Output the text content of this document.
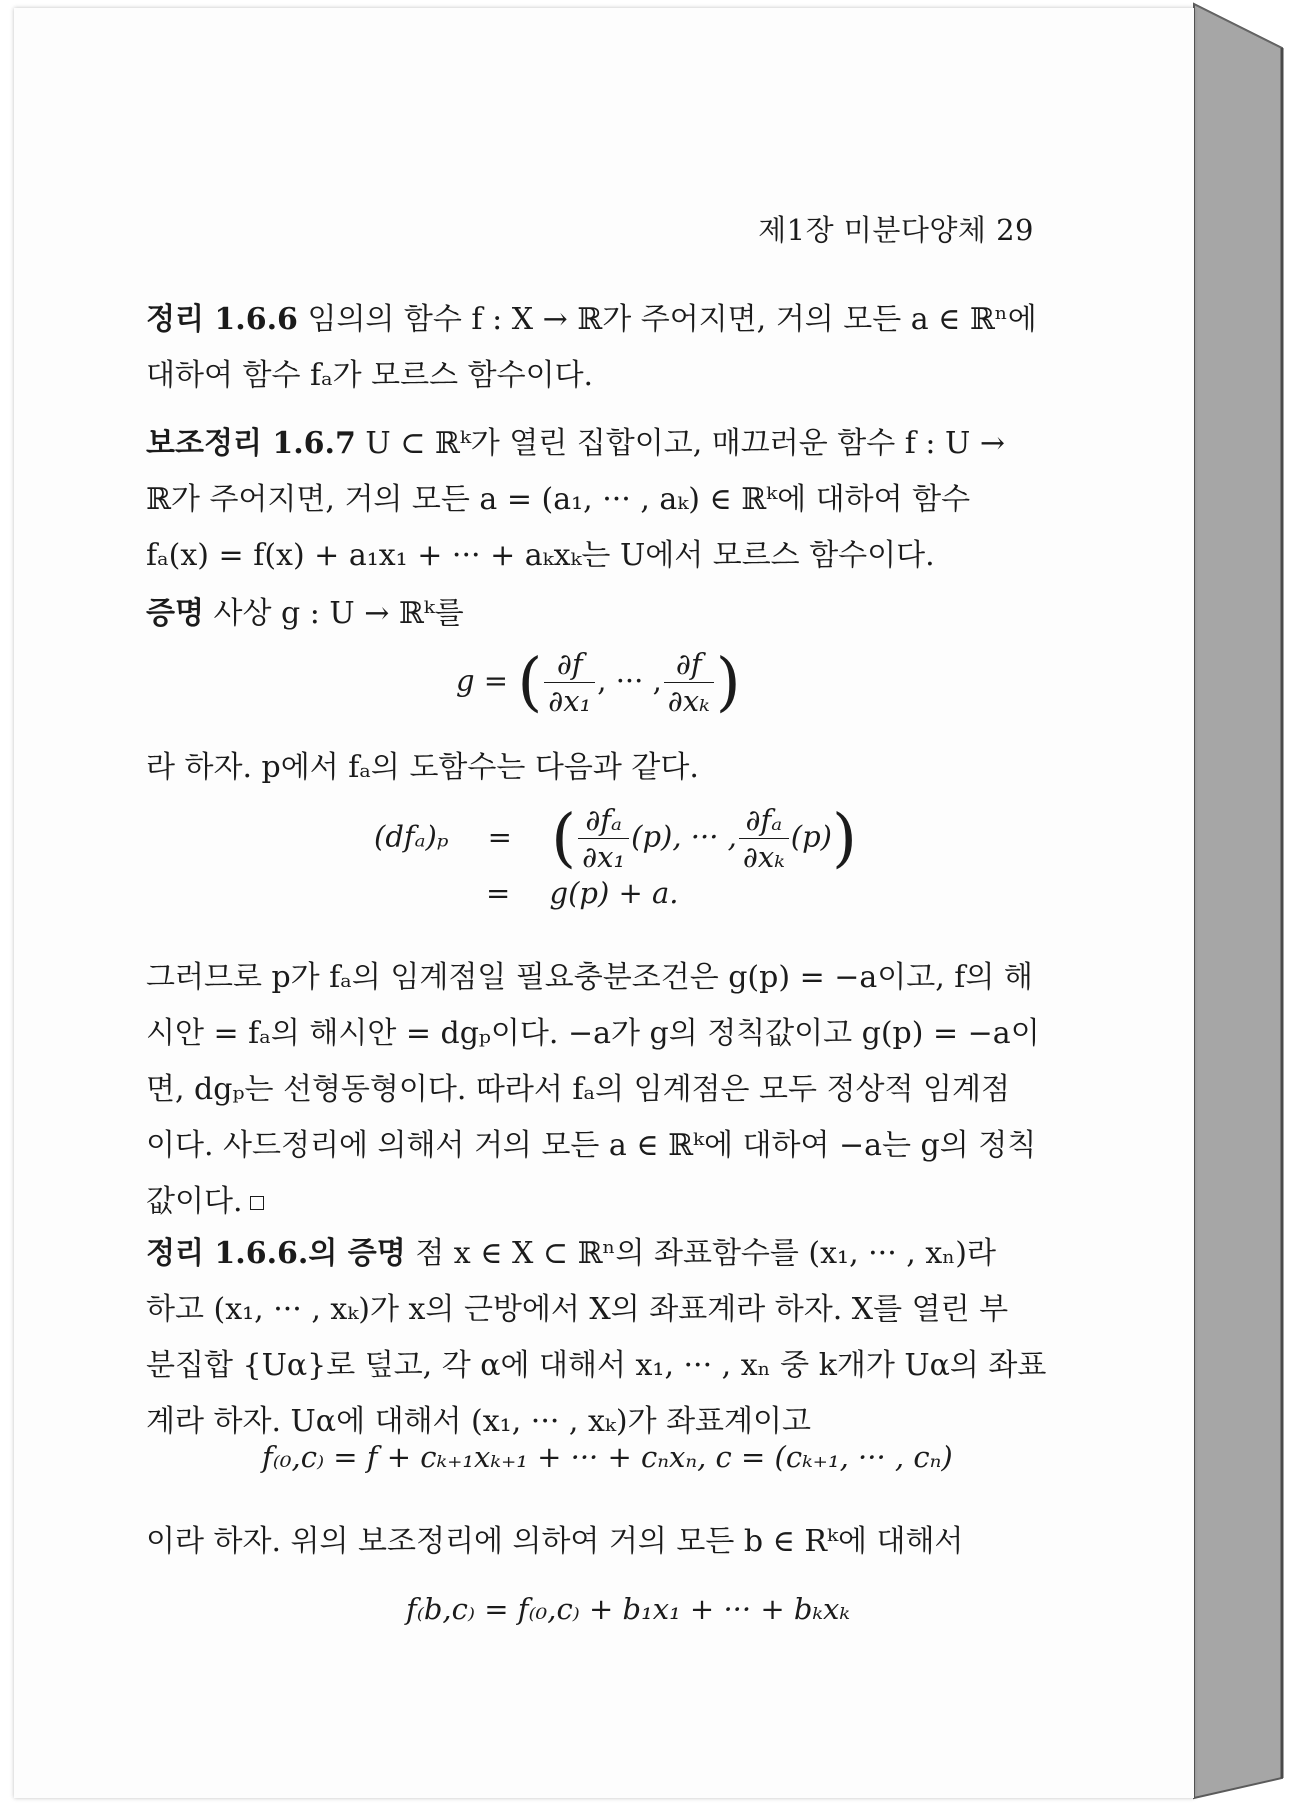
제1장 미분다양체 29
정리 1.6.6 임의의 함수 f : X → ℝ가 주어지면, 거의 모든 a ∈ ℝⁿ에
대하여 함수 fₐ가 모르스 함수이다.
보조정리 1.6.7 U ⊂ ℝᵏ가 열린 집합이고, 매끄러운 함수 f : U →
ℝ가 주어지면, 거의 모든 a = (a₁, ··· , aₖ) ∈ ℝᵏ에 대하여 함수
fₐ(x) = f(x) + a₁x₁ + ··· + aₖxₖ는 U에서 모르스 함수이다.
증명 사상 g : U → ℝᵏ를
g = ( $\frac{\partial f}{\text{∂x₁}}$ , ··· , $\frac{\partial f}{\text{∂xₖ}}$ )
라 하자. p에서 fₐ의 도함수는 다음과 같다.
(dfₐ)ₚ = ( $\frac{\text{∂fₐ}}{\text{∂x₁}} (p)$, ··· , $\frac{\text{∂fₐ}}{\text{∂xₖ}} (p)$)
= g(p) + a.
그러므로 p가 fₐ의 임계점일 필요충분조건은 g(p) = −a이고, f의 해
시안 = fₐ의 해시안 = dgₚ이다. −a가 g의 정칙값이고 g(p) = −a이
면, dgₚ는 선형동형이다. 따라서 fₐ의 임계점은 모두 정상적 임계점
이다. 사드정리에 의해서 거의 모든 a ∈ ℝᵏ에 대하여 −a는 g의 정칙
값이다.
정리 1.6.6.의 증명 점 x ∈ X ⊂ ℝⁿ의 좌표함수를 (x₁, ··· , xₙ)라
하고 (x₁, ··· , xₖ)가 x의 근방에서 X의 좌표계라 하자. X를 열린 부
분집합 {Uα}로 덮고, 각 α에 대해서 x₁, ··· , xₙ 중 k개가 Uα의 좌표
계라 하자. Uα에 대해서 (x₁, ··· , xₖ)가 좌표계이고
f₍₀,c₎ = f + cₖ₊₁xₖ₊₁ + ··· + cₙxₙ, c = (cₖ₊₁, ··· , cₙ)
이라 하자. 위의 보조정리에 의하여 거의 모든 b ∈ Rᵏ에 대해서
f₍b,c₎ = f₍₀,c₎ + b₁x₁ + ··· + bₖxₖ
